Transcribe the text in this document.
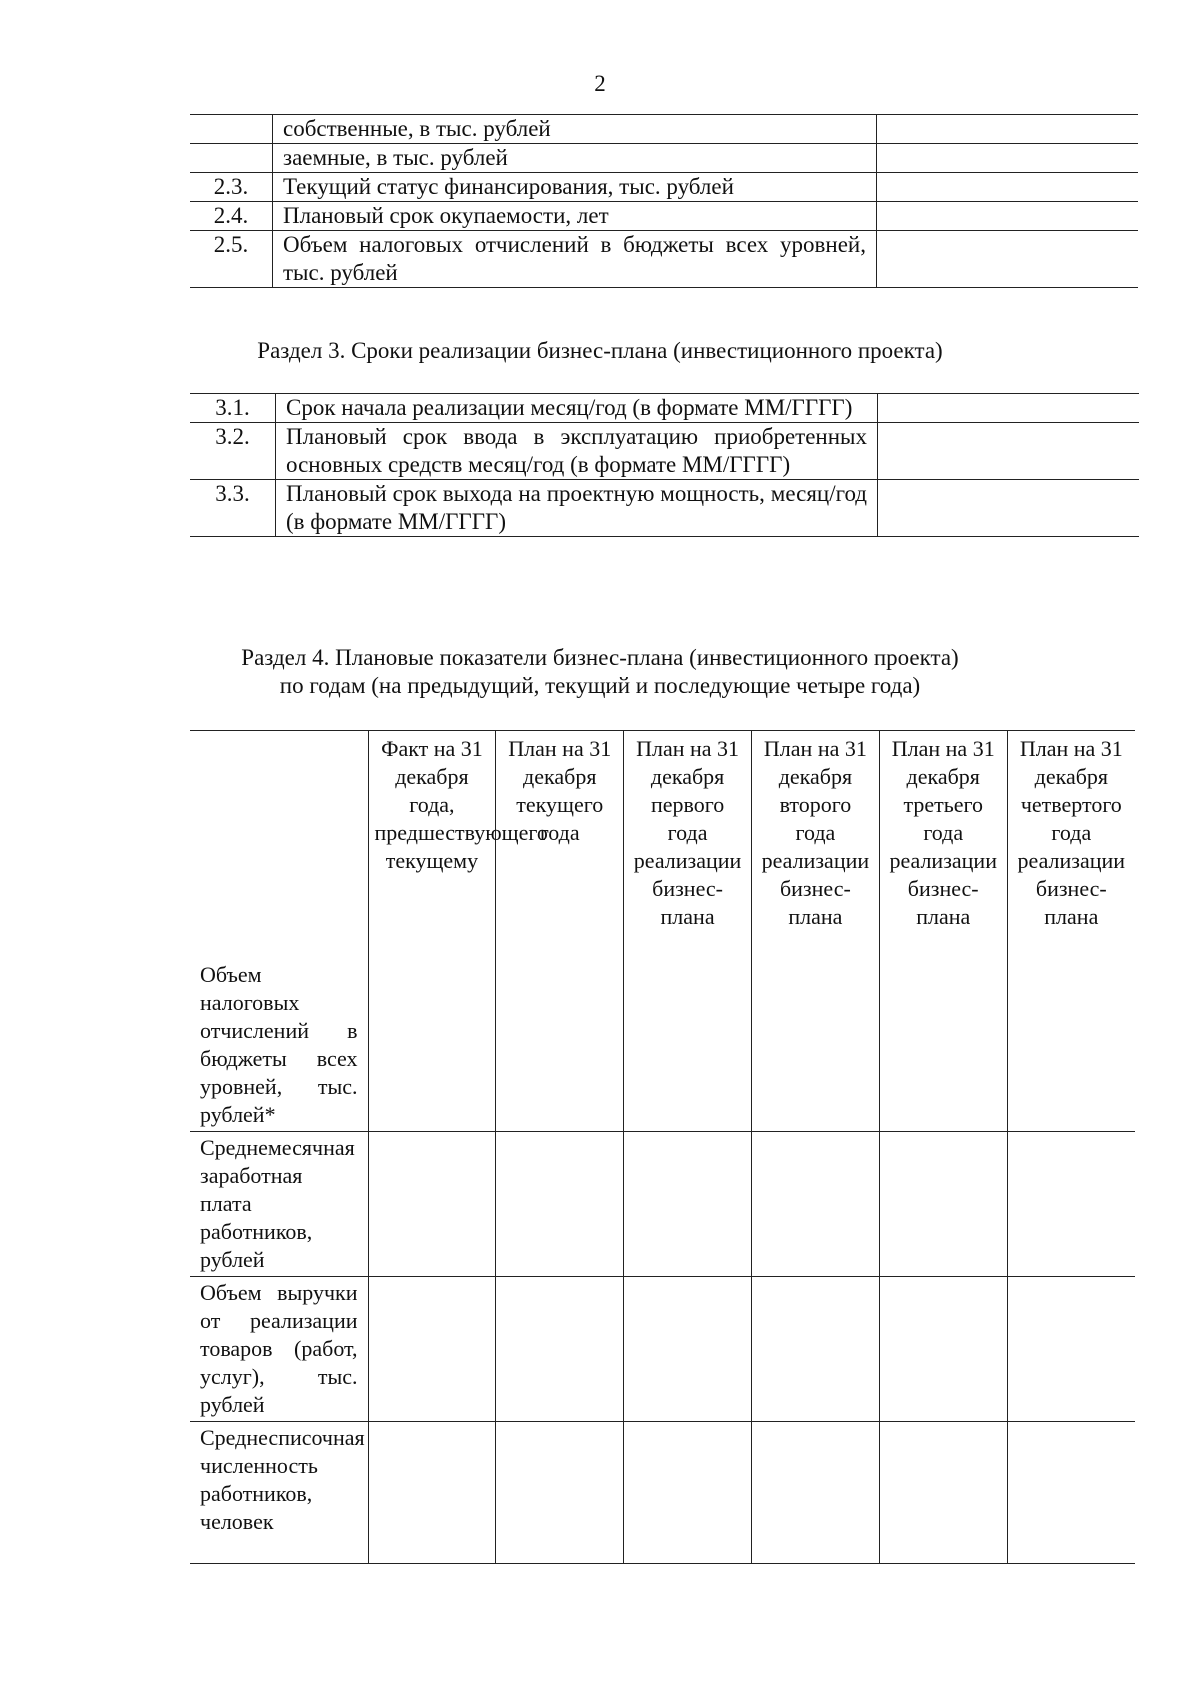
2
	собственные, в тыс. рублей	
	заемные, в тыс. рублей	
2.3.	Текущий статус финансирования, тыс. рублей	
2.4.	Плановый срок окупаемости, лет	
2.5.	Объем налоговых отчислений в бюджеты всех уровней, тыс. рублей	
Раздел 3. Сроки реализации бизнес-плана (инвестиционного проекта)
3.1.	Срок начала реализации месяц/год (в формате ММ/ГГГГ)	
3.2.	Плановый срок ввода в эксплуатацию приобретенных основных средств месяц/год (в формате ММ/ГГГГ)	
3.3.	Плановый срок выхода на проектную мощность, месяц/год (в формате ММ/ГГГГ)	
Раздел 4. Плановые показатели бизнес-плана (инвестиционного проекта)
по годам (на предыдущий, текущий и последующие четыре года)
	Факт на 31 декабря года, предшествующего текущему	План на 31 декабря текущего года	План на 31 декабря первого года реализации бизнес-плана	План на 31 декабря второго года реализации бизнес-плана	План на 31 декабря третьего года реализации бизнес-плана	План на 31 декабря четвертого года реализации бизнес-плана
Объем налоговых отчислений в бюджеты всех уровней, тыс. рублей*						
Среднемесячная заработная плата работников, рублей						
Объем выручки от реализации товаров (работ, услуг), тыс. рублей						
Среднесписочная численность работников, человек						
